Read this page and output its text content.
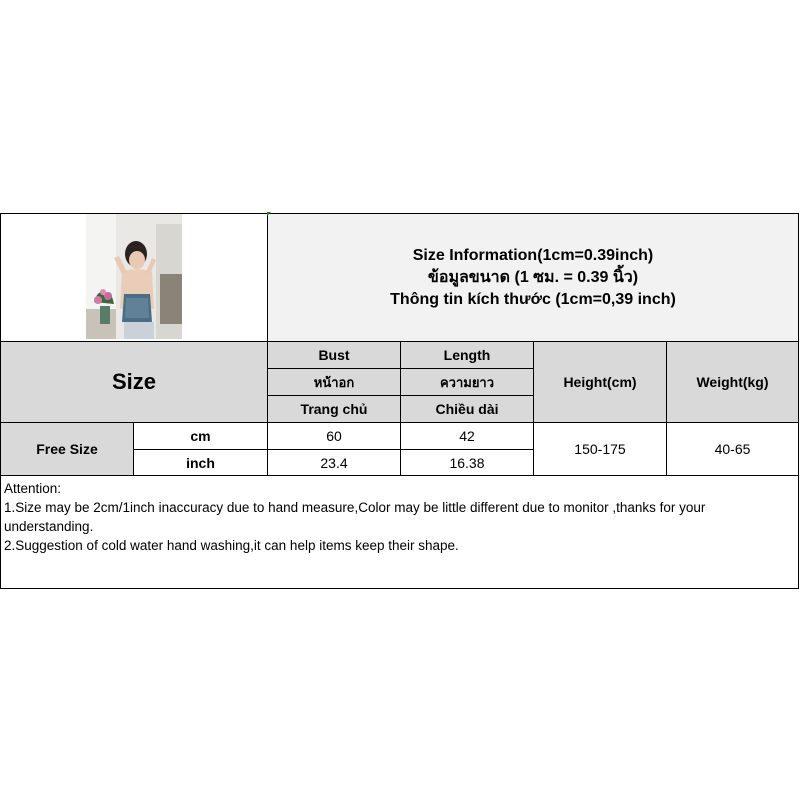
Size Information(1cm=0.39inch)
ข้อมูลขนาด (1 ซม. = 0.39 นิ้ว)
Thông tin kích thước (1cm=0,39 inch)
Size
Bust
หน้าอก
Trang chủ
Length
ความยาว
Chiều dài
Height(cm)	Weight(kg)
Free Size
cm
inch
60
23.4
42
16.38
150-175	40-65
Attention:
1.Size may be 2cm/1inch inaccuracy due to hand measure,Color may be little different due to monitor ,thanks for your understanding.
2.Suggestion of cold water hand washing,it can help items keep their shape.
